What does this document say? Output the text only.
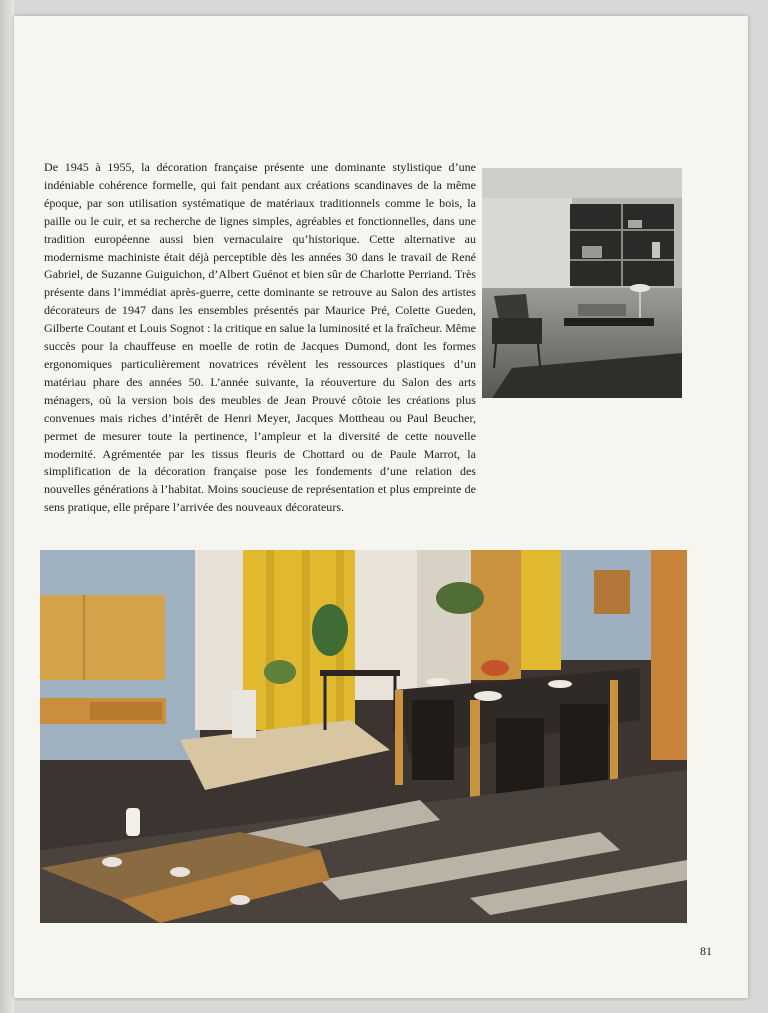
De 1945 à 1955, la décoration française présente une dominante stylistique d’une indéniable cohérence formelle, qui fait pendant aux créations scandinaves de la même époque, par son utilisation systématique de matériaux traditionnels comme le bois, la paille ou le cuir, et sa recherche de lignes simples, agréables et fonctionnelles, dans une tradition européenne aussi bien vernaculaire qu’historique. Cette alternative au modernisme machiniste était déjà perceptible dès les années 30 dans le travail de René Gabriel, de Suzanne Guiguichon, d’Albert Guénot et bien sûr de Charlotte Perriand. Très présente dans l’immédiat après-guerre, cette dominante se retrouve au Salon des artistes décorateurs de 1947 dans les ensembles présentés par Maurice Pré, Colette Gueden, Gilberte Coutant et Louis Sognot : la critique en salue la luminosité et la fraîcheur. Même succès pour la chauffeuse en moelle de rotin de Jacques Dumond, dont les formes ergonomiques particulièrement novatrices révèlent les ressources plastiques d’un matériau phare des années 50. L’année suivante, la réouverture du Salon des arts ménagers, où la version bois des meubles de Jean Prouvé côtoie les créations plus convenues mais riches d’intérêt de Henri Meyer, Jacques Mottheau ou Paul Beucher, permet de mesurer toute la pertinence, l’ampleur et la diversité de cette nouvelle modernité. Agrémentée par les tissus fleuris de Chottard ou de Paule Marrot, la simplification de la décoration française pose les fondements d’une relation des nouvelles générations à l’habitat. Moins soucieuse de représentation et plus empreinte de sens pratique, elle prépare l’arrivée des nouveaux décorateurs.

81
